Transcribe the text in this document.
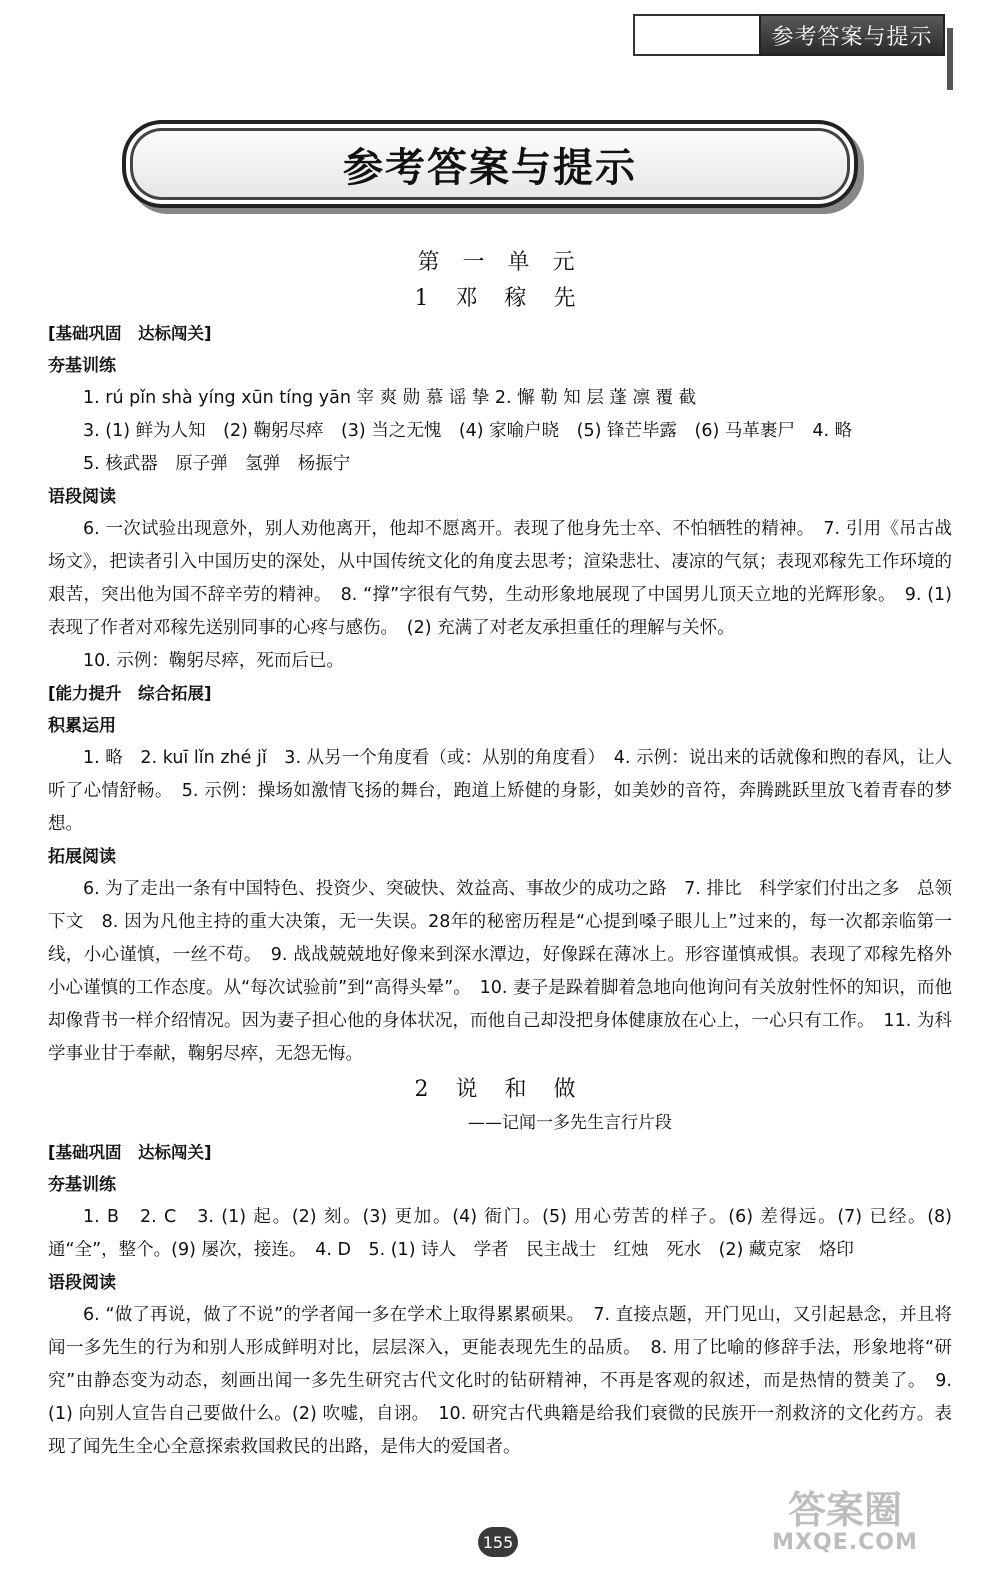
参考答案与提示
参考答案与提示
第 一 单 元
1 邓 稼 先
[基础巩固　达标闯关]
夯基训练
1. rú pǐn shà yíng xūn tíng yān 宰 爽 勋 慕 谣 挚 2. 懈 勒 知 层 蓬 凛 覆 截
3. (1) 鲜为人知　(2) 鞠躬尽瘁　(3) 当之无愧　(4) 家喻户晓　(5) 锋芒毕露　(6) 马革裹尸　4. 略
5. 核武器　原子弹　氢弹　杨振宁
语段阅读
6. 一次试验出现意外，别人劝他离开，他却不愿离开。表现了他身先士卒、不怕牺牲的精神。　7. 引用《吊古战场文》，把读者引入中国历史的深处，从中国传统文化的角度去思考；渲染悲壮、凄凉的气氛；表现邓稼先工作环境的艰苦，突出他为国不辞辛劳的精神。　8. “撑”字很有气势，生动形象地展现了中国男儿顶天立地的光辉形象。　9. (1) 表现了作者对邓稼先送别同事的心疼与感伤。　(2) 充满了对老友承担重任的理解与关怀。
10. 示例：鞠躬尽瘁，死而后已。
[能力提升　综合拓展]
积累运用
1. 略　2. kuī lǐn zhé jǐ　3. 从另一个角度看（或：从别的角度看）　4. 示例：说出来的话就像和煦的春风，让人听了心情舒畅。　5. 示例：操场如激情飞扬的舞台，跑道上矫健的身影，如美妙的音符，奔腾跳跃里放飞着青春的梦想。
拓展阅读
6. 为了走出一条有中国特色、投资少、突破快、效益高、事故少的成功之路　7. 排比　科学家们付出之多　总领下文　8. 因为凡他主持的重大决策，无一失误。28年的秘密历程是“心提到嗓子眼儿上”过来的，每一次都亲临第一线，小心谨慎，一丝不苟。　9. 战战兢兢地好像来到深水潭边，好像踩在薄冰上。形容谨慎戒惧。表现了邓稼先格外小心谨慎的工作态度。从“每次试验前”到“高得头晕”。　10. 妻子是跺着脚着急地向他询问有关放射性怀的知识，而他却像背书一样介绍情况。因为妻子担心他的身体状况，而他自己却没把身体健康放在心上，一心只有工作。　11. 为科学事业甘于奉献，鞠躬尽瘁，无怨无悔。
2 说 和 做
——记闻一多先生言行片段
[基础巩固　达标闯关]
夯基训练
1. B　2. C　3. (1) 起。(2) 刻。(3) 更加。(4) 衙门。(5) 用心劳苦的样子。(6) 差得远。(7) 已经。(8) 通“全”，整个。(9) 屡次，接连。　4. D　5. (1) 诗人　学者　民主战士　红烛　死水　(2) 藏克家　烙印
语段阅读
6. “做了再说，做了不说”的学者闻一多在学术上取得累累硕果。　7. 直接点题，开门见山，又引起悬念，并且将闻一多先生的行为和别人形成鲜明对比，层层深入，更能表现先生的品质。　8. 用了比喻的修辞手法，形象地将“研究”由静态变为动态，刻画出闻一多先生研究古代文化时的钻研精神，不再是客观的叙述，而是热情的赞美了。　9. (1) 向别人宣告自己要做什么。(2) 吹嘘，自诩。　10. 研究古代典籍是给我们衰微的民族开一剂救济的文化药方。表现了闻先生全心全意探索救国救民的出路，是伟大的爱国者。
155
答案圈
MXQE.COM
